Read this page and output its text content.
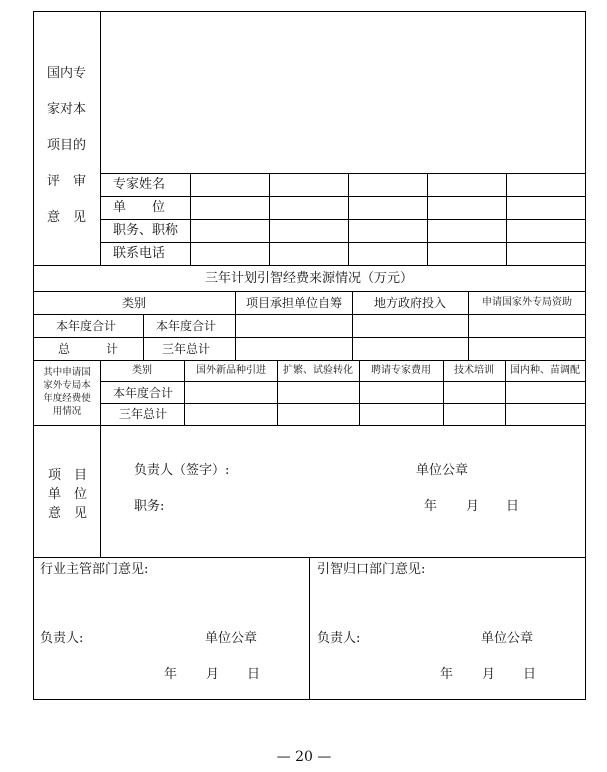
国内专
家对本
项目的
评　审
意　见
专家姓名
单　　位
职务、职称
联系电话
三年计划引智经费来源情况（万元）
类别	项目承担单位自筹	地方政府投入	申请国家外专局资助
本年度合计	本年度合计
总　　　计	三年总计
其中申请国
家外专局本
年度经费使
用情况
类别	国外新品种引进 扩繁、试验转化 聘请专家费用 技术培训 国内种、苗调配
本年度合计
三年总计
项　目
单　位
意　见
负责人（签字）:	单位公章
职务:	年 月 日
行业主管部门意见:
负责人:	单位公章
年 月 日
引智归口部门意见:
负责人:	单位公章
年 月 日
— 20 —
